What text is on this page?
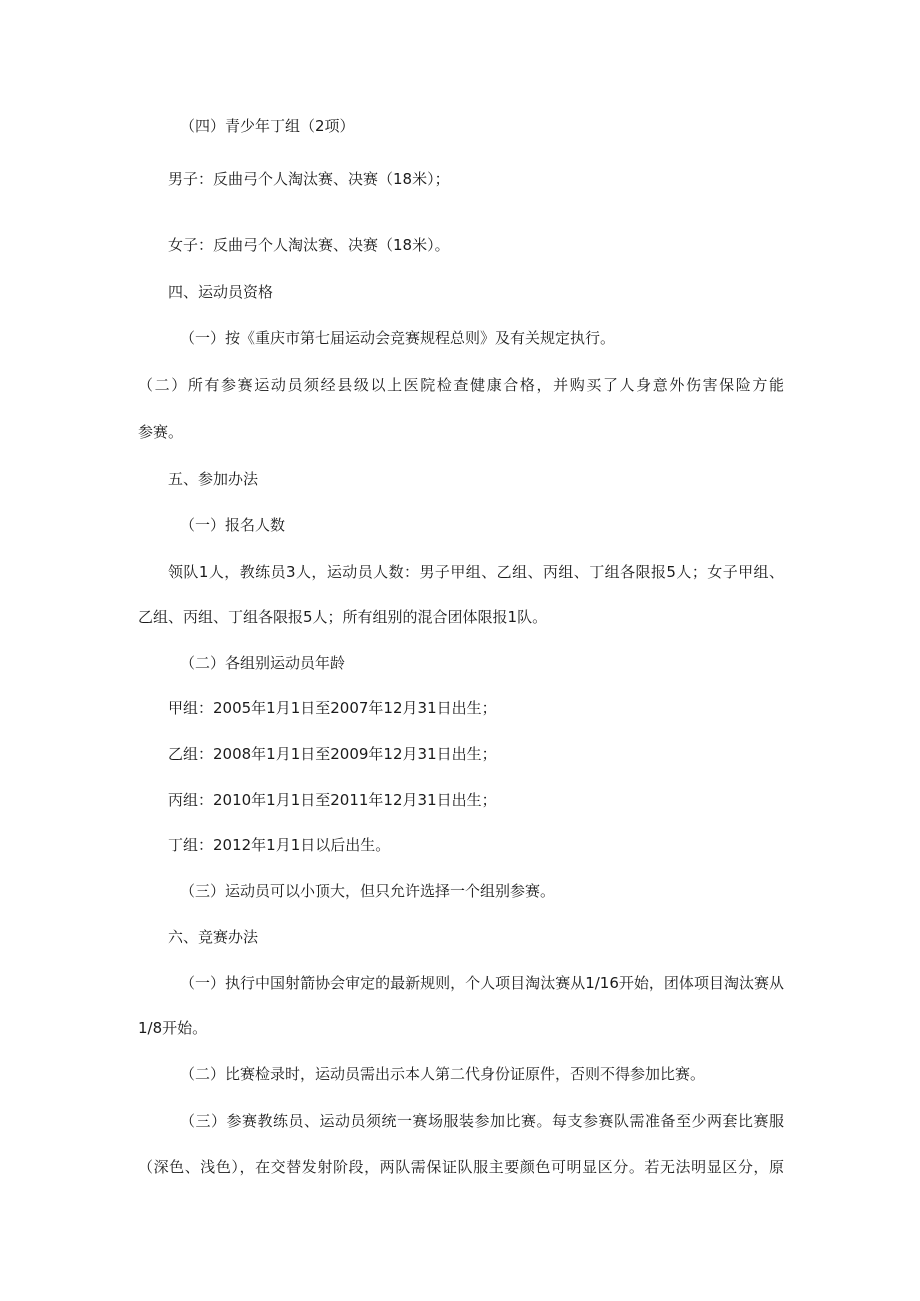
（四）青少年丁组（2项）
男子：反曲弓个人淘汰赛、决赛（18米）；
女子：反曲弓个人淘汰赛、决赛（18米）。
四、运动员资格
（一）按《重庆市第七届运动会竞赛规程总则》及有关规定执行。
（二）所有参赛运动员须经县级以上医院检查健康合格，并购买了人身意外伤害保险方能
参赛。
五、参加办法
（一）报名人数
领队1人，教练员3人，运动员人数：男子甲组、乙组、丙组、丁组各限报5人；女子甲组、
乙组、丙组、丁组各限报5人；所有组别的混合团体限报1队。
（二）各组别运动员年龄
甲组：2005年1月1日至2007年12月31日出生；
乙组：2008年1月1日至2009年12月31日出生；
丙组：2010年1月1日至2011年12月31日出生；
丁组：2012年1月1日以后出生。
（三）运动员可以小顶大，但只允许选择一个组别参赛。
六、竞赛办法
（一）执行中国射箭协会审定的最新规则，个人项目淘汰赛从1/16开始，团体项目淘汰赛从
1/8开始。
（二）比赛检录时，运动员需出示本人第二代身份证原件，否则不得参加比赛。
（三）参赛教练员、运动员须统一赛场服装参加比赛。每支参赛队需准备至少两套比赛服
（深色、浅色），在交替发射阶段，两队需保证队服主要颜色可明显区分。若无法明显区分，原
